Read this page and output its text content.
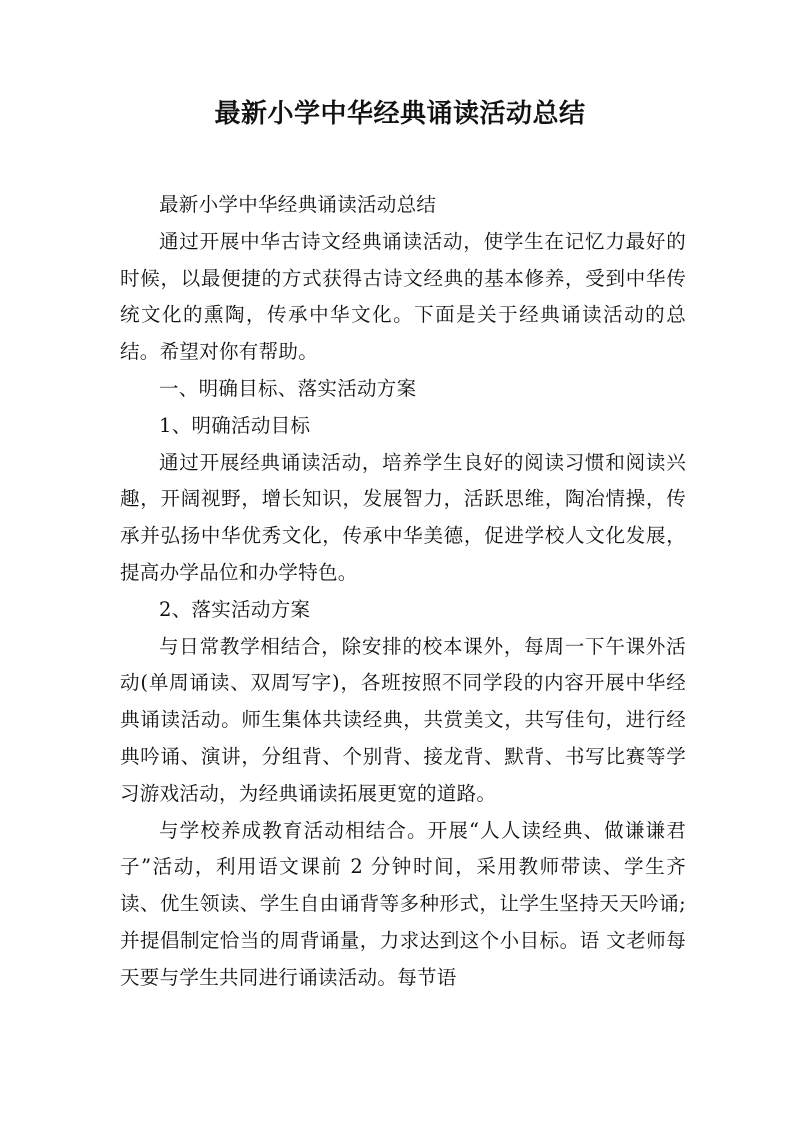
最新小学中华经典诵读活动总结

最新小学中华经典诵读活动总结

通过开展中华古诗文经典诵读活动，使学生在记忆力最好的时候，以最便捷的方式获得古诗文经典的基本修养，受到中华传统文化的熏陶，传承中华文化。下面是关于经典诵读活动的总结。希望对你有帮助。

一、明确目标、落实活动方案

1、明确活动目标

通过开展经典诵读活动，培养学生良好的阅读习惯和阅读兴趣，开阔视野，增长知识，发展智力，活跃思维，陶冶情操，传承并弘扬中华优秀文化，传承中华美德，促进学校人文化发展，提高办学品位和办学特色。

2、落实活动方案

与日常教学相结合，除安排的校本课外，每周一下午课外活动(单周诵读、双周写字)，各班按照不同学段的内容开展中华经典诵读活动。师生集体共读经典，共赏美文，共写佳句，进行经典吟诵、演讲，分组背、个别背、接龙背、默背、书写比赛等学习游戏活动，为经典诵读拓展更宽的道路。

与学校养成教育活动相结合。开展“人人读经典、做谦谦君子”活动，利用语文课前 2 分钟时间，采用教师带读、学生齐读、优生领读、学生自由诵背等多种形式，让学生坚持天天吟诵;并提倡制定恰当的周背诵量，力求达到这个小目标。语 文老师每天要与学生共同进行诵读活动。每节语
